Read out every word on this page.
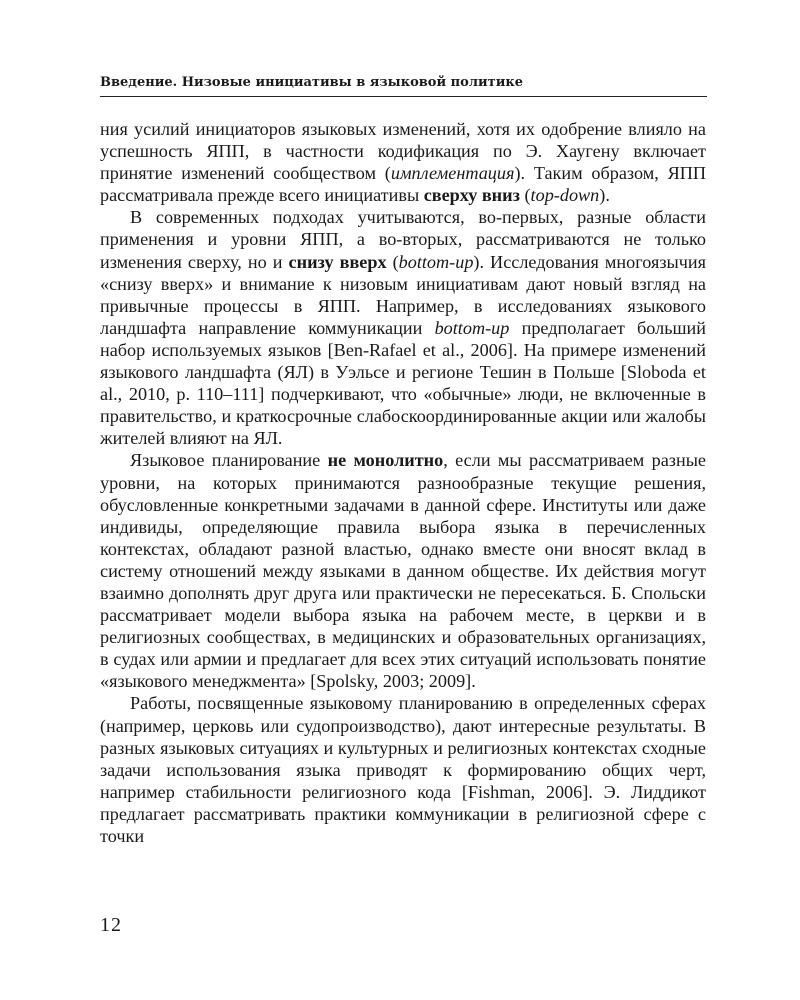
Введение. Низовые инициативы в языковой политике

ния усилий инициаторов языковых изменений, хотя их одобрение влияло на успешность ЯПП, в частности кодификация по Э. Хаугену включает принятие изменений сообществом (имплементация). Таким образом, ЯПП рассматривала прежде всего инициативы сверху вниз (top-down).

В современных подходах учитываются, во-первых, разные области применения и уровни ЯПП, а во-вторых, рассматриваются не только изменения сверху, но и снизу вверх (bottom-up). Исследования многоязычия «снизу вверх» и внимание к низовым инициативам дают новый взгляд на привычные процессы в ЯПП. Например, в исследованиях языкового ландшафта направление коммуникации bottom-up предполагает больший набор используемых языков [Ben-Rafael et al., 2006]. На примере изменений языкового ландшафта (ЯЛ) в Уэльсе и регионе Тешин в Польше [Sloboda et al., 2010, p. 110–111] подчеркивают, что «обычные» люди, не включенные в правительство, и краткосрочные слабоскоординированные акции или жалобы жителей влияют на ЯЛ.

Языковое планирование не монолитно, если мы рассматриваем разные уровни, на которых принимаются разнообразные текущие решения, обусловленные конкретными задачами в данной сфере. Институты или даже индивиды, определяющие правила выбора языка в перечисленных контекстах, обладают разной властью, однако вместе они вносят вклад в систему отношений между языками в данном обществе. Их действия могут взаимно дополнять друг друга или практически не пересекаться. Б. Спольски рассматривает модели выбора языка на рабочем месте, в церкви и в религиозных сообществах, в медицинских и образовательных организациях, в судах или армии и предлагает для всех этих ситуаций использовать понятие «языкового менеджмента» [Spolsky, 2003; 2009].

Работы, посвященные языковому планированию в определенных сферах (например, церковь или судопроизводство), дают интересные результаты. В разных языковых ситуациях и культурных и религиозных контекстах сходные задачи использования языка приводят к формированию общих черт, например стабильности религиозного кода [Fishman, 2006]. Э. Лиддикот предлагает рассматривать практики коммуникации в религиозной сфере с точки

12
